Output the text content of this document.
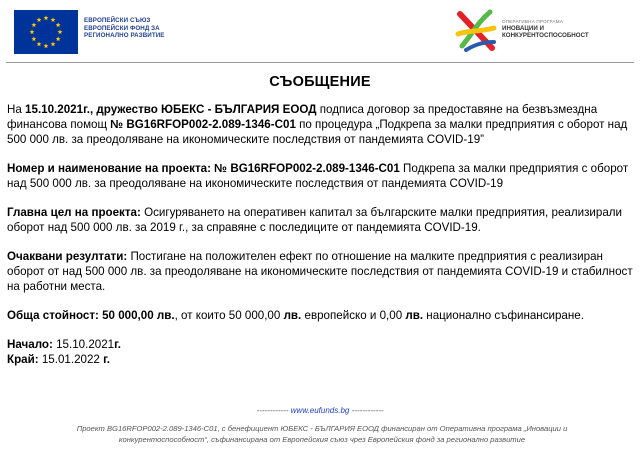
ЕВРОПЕЙСКИ СЪЮЗ
ЕВРОПЕЙСКИ ФОНД ЗА
РЕГИОНАЛНО РАЗВИТИЕ
ОПЕРАТИВНА ПРОГРАМА
ИНОВАЦИИ И
КОНКУРЕНТОСПОСОБНОСТ
СЪОБЩЕНИЕ

На 15.10.2021г., дружество ЮБЕКС - БЪЛГАРИЯ ЕООД подписа договор за предоставяне на безвъзмездна финансова помощ № BG16RFOP002-2.089-1346-C01 по процедура „Подкрепа за малки предприятия с оборот над 500 000 лв. за преодоляване на икономическите последствия от пандемията COVID-19”

Номер и наименование на проекта: № BG16RFOP002-2.089-1346-C01 Подкрепа за малки предприятия с оборот над 500 000 лв. за преодоляване на икономическите последствия от пандемията COVID-19

Главна цел на проекта: Осигуряването на оперативен капитал за българските малки предприятия, реализирали оборот над 500 000 лв. за 2019 г., за справяне с последиците от пандемията COVID-19.

Очаквани резултати: Постигане на положителен ефект по отношение на малките предприятия с реализиран оборот от над 500 000 лв. за преодоляване на икономическите последствия от пандемията COVID-19 и стабилност на работни места.

Обща стойност: 50 000,00 лв., от които 50 000,00 лв. европейско и 0,00 лв. национално съфинансиране.

Начало: 15.10.2021г.

Край: 15.01.2022 г.

------------ www.eufunds.bg ------------
Проект BG16RFOP002-2.089-1346-C01, с бенефициент ЮБЕКС - БЪЛГАРИЯ ЕООД финансиран от Оперативна програма „Иновации и конкурентоспособност“, съфинансирана от Европейския съюз чрез Европейския фонд за регионално развитие
